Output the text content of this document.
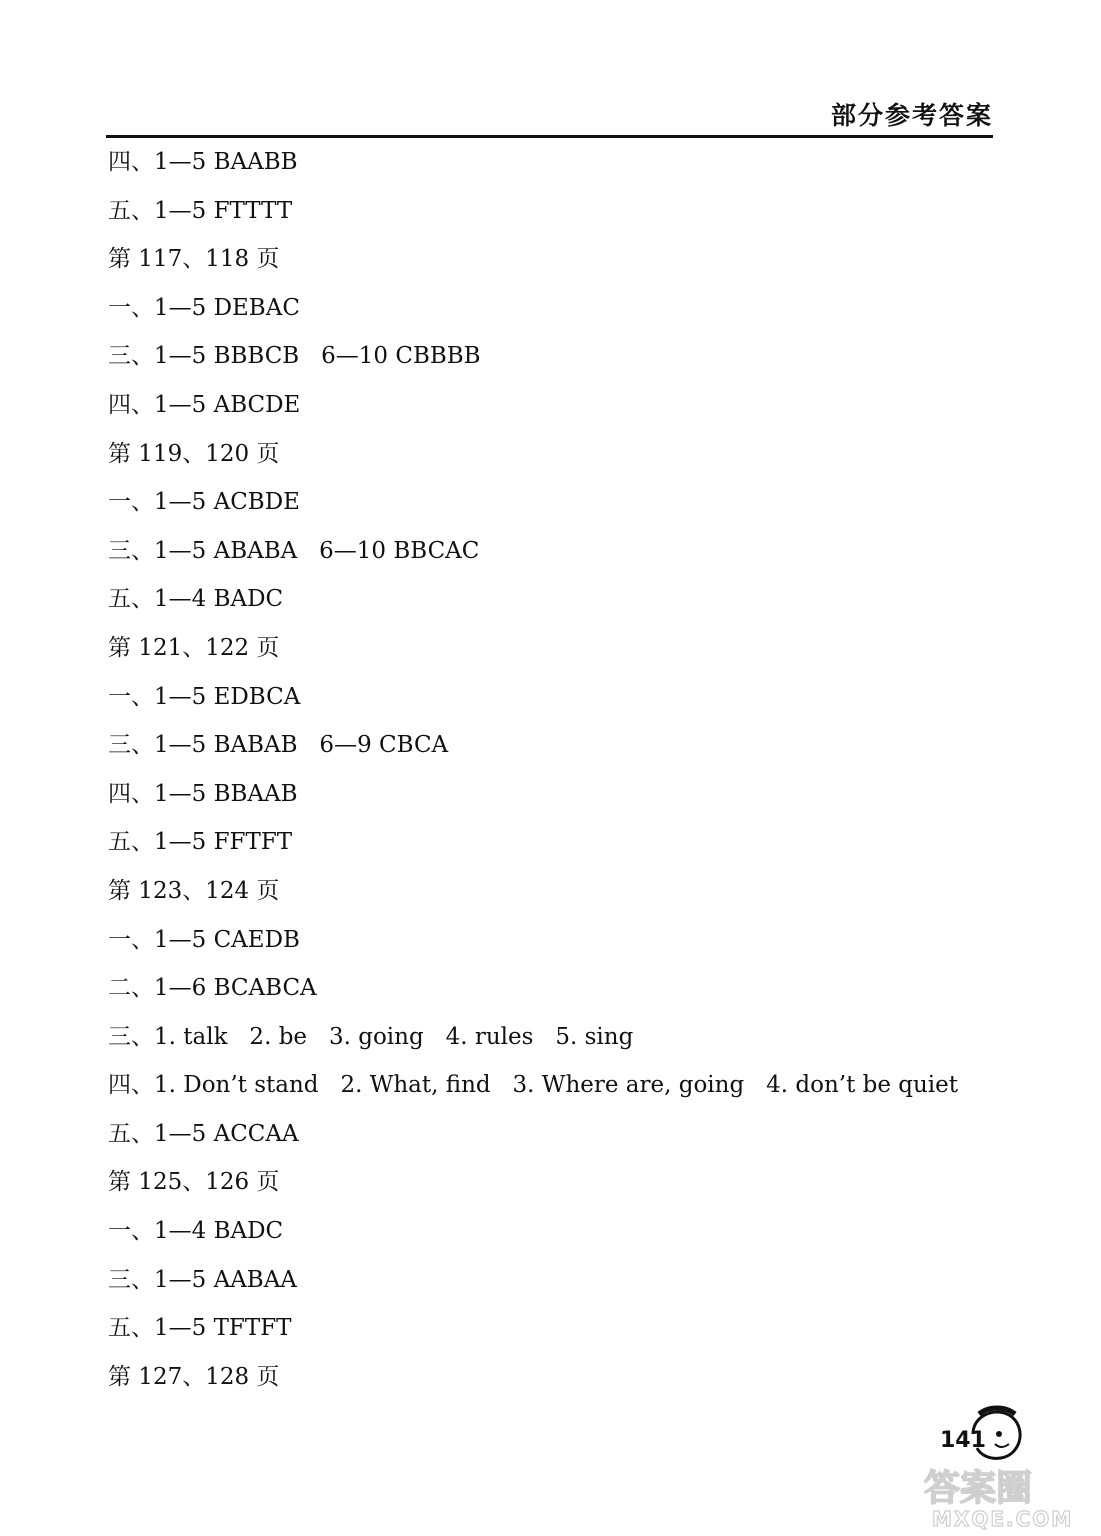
部分参考答案
四、1—5 BAABB
五、1—5 FTTTT
第 117、118 页
一、1—5 DEBAC
三、1—5 BBBCB   6—10 CBBBB
四、1—5 ABCDE
第 119、120 页
一、1—5 ACBDE
三、1—5 ABABA   6—10 BBCAC
五、1—4 BADC
第 121、122 页
一、1—5 EDBCA
三、1—5 BABAB   6—9 CBCA
四、1—5 BBAAB
五、1—5 FFTFT
第 123、124 页
一、1—5 CAEDB
二、1—6 BCABCA
三、1. talk   2. be   3. going   4. rules   5. sing
四、1. Don’t stand   2. What, find   3. Where are, going   4. don’t be quiet
五、1—5 ACCAA
第 125、126 页
一、1—4 BADC
三、1—5 AABAA
五、1—5 TFTFT
第 127、128 页
141
答案圈
MXQE.COM
